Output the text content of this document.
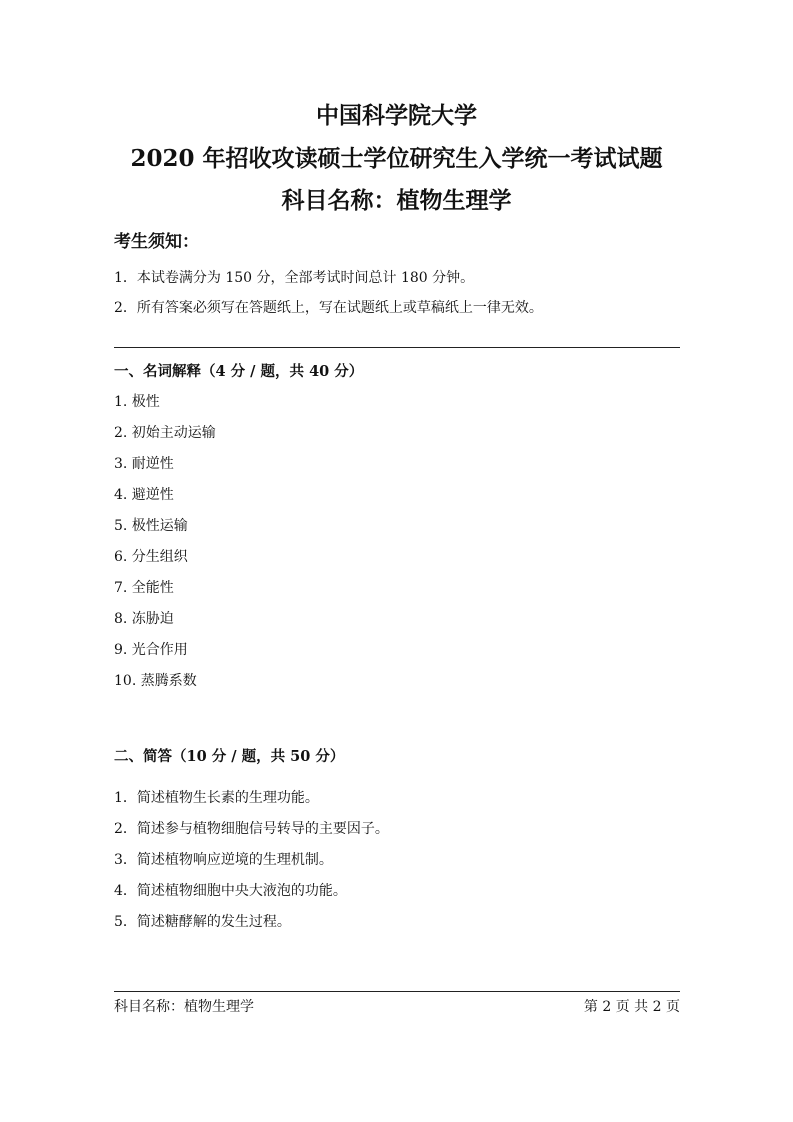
中国科学院大学
2020 年招收攻读硕士学位研究生入学统一考试试题
科目名称：植物生理学
考生须知：
1．本试卷满分为 150 分，全部考试时间总计 180 分钟。
2．所有答案必须写在答题纸上，写在试题纸上或草稿纸上一律无效。
一、名词解释（4 分 / 题，共 40 分）
1. 极性
2. 初始主动运输
3. 耐逆性
4. 避逆性
5. 极性运输
6. 分生组织
7. 全能性
8. 冻胁迫
9. 光合作用
10. 蒸腾系数
二、简答（10 分 / 题，共 50 分）
1．简述植物生长素的生理功能。
2．简述参与植物细胞信号转导的主要因子。
3．简述植物响应逆境的生理机制。
4．简述植物细胞中央大液泡的功能。
5．简述糖酵解的发生过程。
科目名称：植物生理学	第 2 页 共 2 页
